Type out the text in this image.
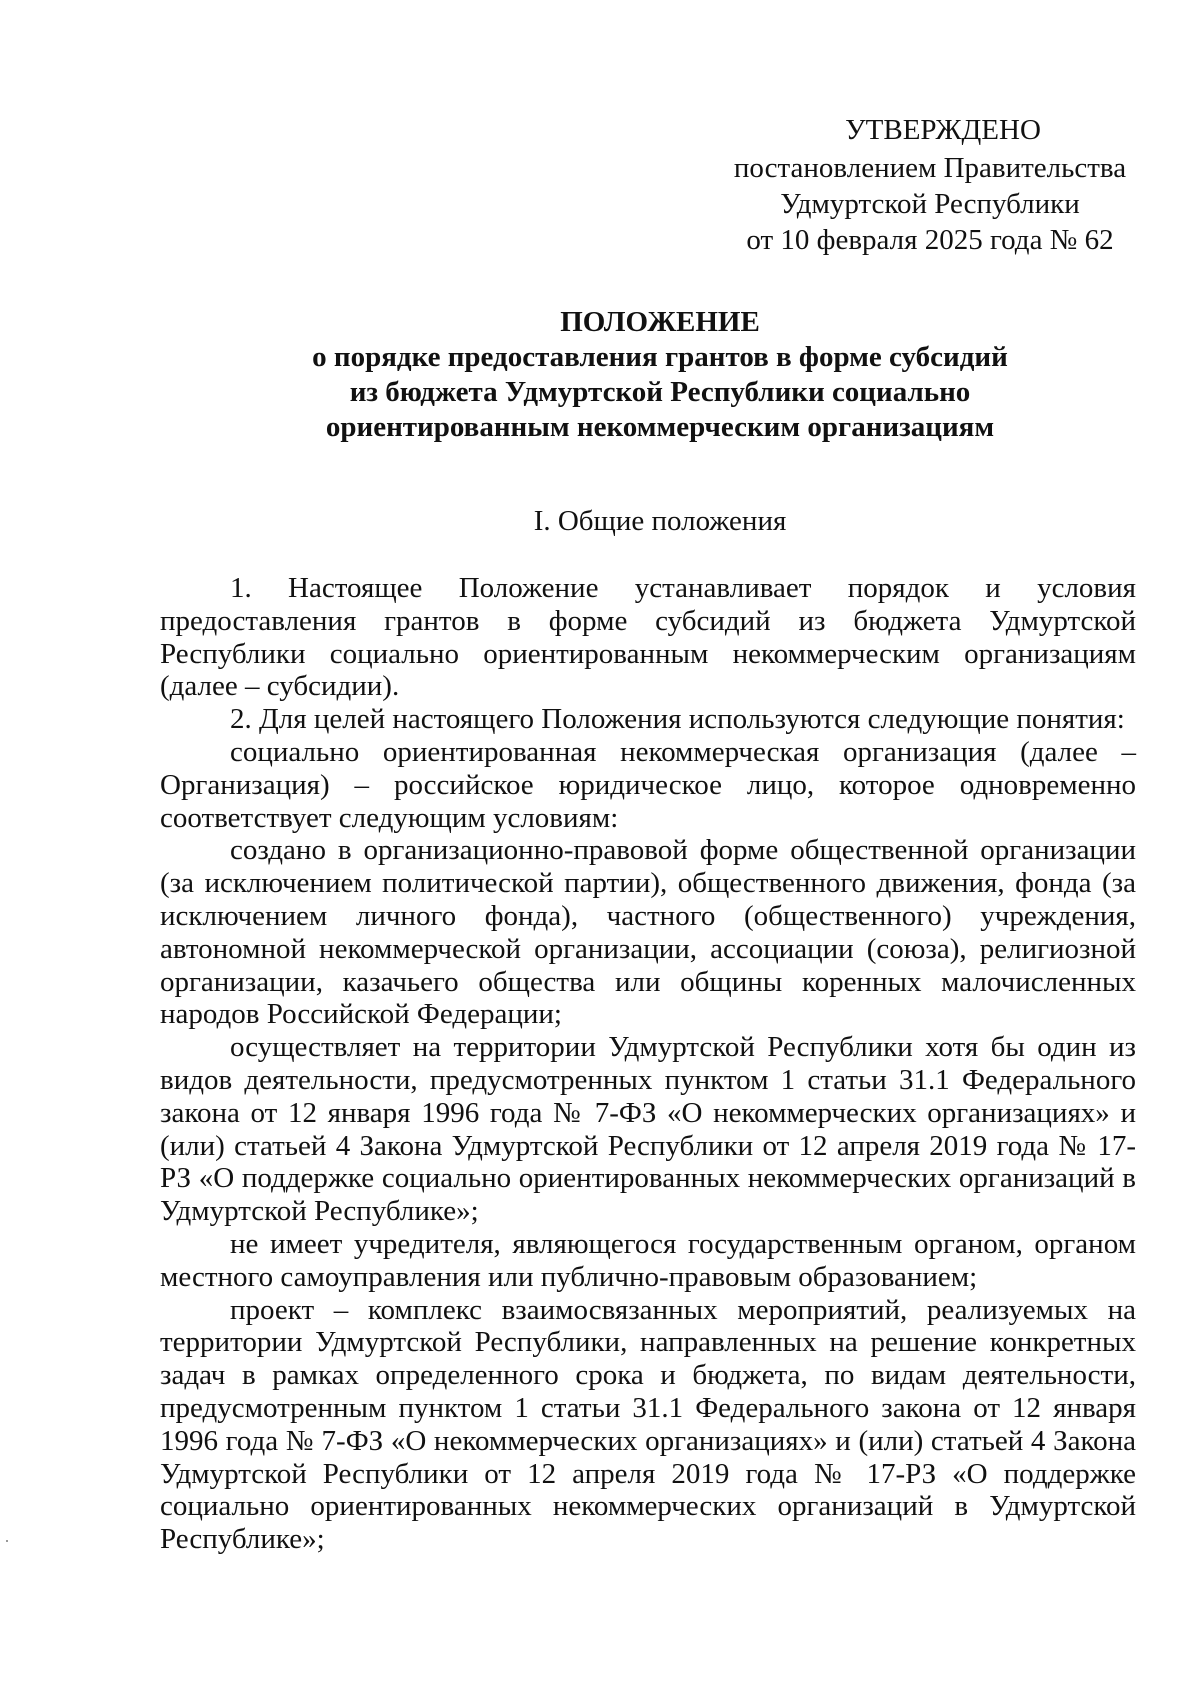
УТВЕРЖДЕНО
постановлением Правительства
Удмуртской Республики
от 10 февраля 2025 года № 62
ПОЛОЖЕНИЕ
о порядке предоставления грантов в форме субсидий
из бюджета Удмуртской Республики социально
ориентированным некоммерческим организациям
I. Общие положения

1. Настоящее Положение устанавливает порядок и условия предоставления грантов в форме субсидий из бюджета Удмуртской Республики социально ориентированным некоммерческим организациям (далее – субсидии).

2. Для целей настоящего Положения используются следующие понятия:

социально ориентированная некоммерческая организация (далее – Организация) – российское юридическое лицо, которое одновременно соответствует следующим условиям:

создано в организационно-правовой форме общественной организации (за исключением политической партии), общественного движения, фонда (за исключением личного фонда), частного (общественного) учреждения, автономной некоммерческой организации, ассоциации (союза), религиозной организации, казачьего общества или общины коренных малочисленных народов Российской Федерации;

осуществляет на территории Удмуртской Республики хотя бы один из видов деятельности, предусмотренных пунктом 1 статьи 31.1 Федерального закона от 12 января 1996 года № 7-ФЗ «О некоммерческих организациях» и (или) статьей 4 Закона Удмуртской Республики от 12 апреля 2019 года № 17-РЗ «О поддержке социально ориентированных некоммерческих организаций в Удмуртской Республике»;

не имеет учредителя, являющегося государственным органом, органом местного самоуправления или публично-правовым образованием;

проект – комплекс взаимосвязанных мероприятий, реализуемых на территории Удмуртской Республики, направленных на решение конкретных задач в рамках определенного срока и бюджета, по видам деятельности, предусмотренным пунктом 1 статьи 31.1 Федерального закона от 12 января 1996 года № 7-ФЗ «О некоммерческих организациях» и (или) статьей 4 Закона Удмуртской Республики от 12 апреля 2019 года № 17-РЗ «О поддержке социально ориентированных некоммерческих организаций в Удмуртской Республике»;
